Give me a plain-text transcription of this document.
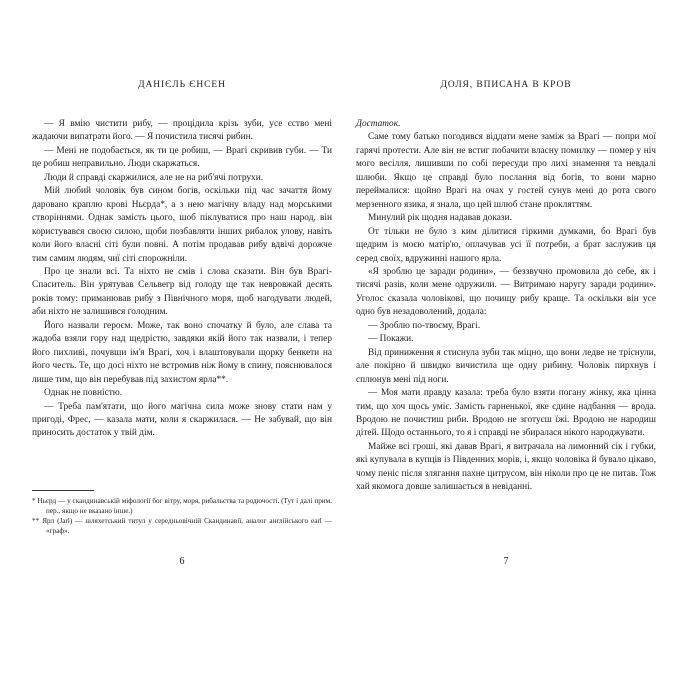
ДАНІЄЛЬ ЄНСЕН

— Я вмію чистити рибу, — процідила крізь зуби, усе єство мені жадаючи випатрати його. — Я почистила тисячі рибин.

— Мені не подобається, як ти це робиш, — Врагі скривив губи. — Ти це робиш неправильно. Люди скаржаться.

Люди й справді скаржилися, але не на риб'ячі потрухи.

Мій любий чоловік був сином богів, оскільки під час зачаття йому даровано краплю крові Ньєрда*, а з нею магічну владу над морськими створіннями. Однак замість цього, шоб піклуватися про наш народ, він користувався своєю силою, щоби позбавляти інших рибалок улову, навіть коли його власні сіті були повні. А потім продавав рибу вдвічі дорожче тим самим людям, чиї сіті спорожніли.

Про це знали всі. Та ніхто не смів і слова сказати. Він був Врагі-Спаситель. Він урятував Сельвегр від голоду ще так невровжай десять років тому: приманював рибу з Північного моря, щоб нагодувати людей, аби ніхто не залишився голодним.

Його назвали героєм. Може, так воно спочатку й було, але слава та жадоба взяли гору над щедрістю, завдяки якій його так назвали, і тепер його пихливі, почувши ім'я Врагі, хоч і влаштовували щорку бенкети на його честь. Те, що досі ніхто не встромив ніж йому в спину, пояснювалося лише тим, що він перебував під захистом ярла**.

Однак не повністю.

— Треба пам'ятати, що його магічна сила може знову стати нам у пригоді, Фрес, — казала мати, коли я скаржилася. — Не забувай, що він приносить достаток у твій дім.

* Ньєрд — у скандинавській міфології бог вітру, моря, рибальства та родючості. (Тут і далі прим. пер., якщо не вказано інше.)

** Ярл (Jarl) — шляхетський титул у середньовічній Скандинавії, аналог англійського earl — «граф».

6
ДОЛЯ, ВПИСАНА В КРОВ

Достаток.

Саме тому батько погодився віддати мене заміж за Врагі — попри мої гарячі протести. Але він не встиг побачити власну помилку — помер у ніч мого весілля, лишивши по собі пересуди про лихі знамення та невдалі шлюби. Якщо це справді було послання від богів, то вони марно переймалися: щойно Врагі на очах у гостей сунув мені до рота свого мерзенного язика, я знала, що цей шлюб стане прокляттям.

Минулий рік щодня надавав докази.

От тільки не було з ким ділитися гіркими думками, бо Врагі був щедрим із моєю матір'ю, оплачував усі її потреби, а брат заслужив ця серед своїх, вдружинні нашого ярла.

«Я зроблю це заради родини», — беззвучно промовила до себе, як і тисячі разів, коли мене одружили. — Витримаю наругу заради родини». Уголос сказала чоловікові, що почищу рибу краще. Та оскільки він усе одно був незадоволений, додала:

— Зроблю по-твоєму, Врагі.

— Покажи.

Від приниження я стиснула зуби так міцно, що вони ледве не тріснули, але покірно й швидко вичистила ще одну рибину. Чоловік пирхнув і сплюнув мені під ноги.

— Моя мати правду казала: треба було взяти погану жінку, яка цінна тим, що хоч щось уміє. Замість гарненької, яке єдине надбання — врода. Вродою не почистиш риби. Вродою не зготуєш їжі. Вродою не народиш дітей. Щодо останнього, то я і справді не збиралася нікого народжувати.

Майже всі гроші, які давав Врагі, я витрачала на лимонний сік і губки, які купувала в купців із Південних морів, і, якщо чоловіка й бувало цікаво, чому пеніс після злягання пахне цитрусом, він ніколи про це не питав. Тож хай якомога довше залишається в невіданні.

7
